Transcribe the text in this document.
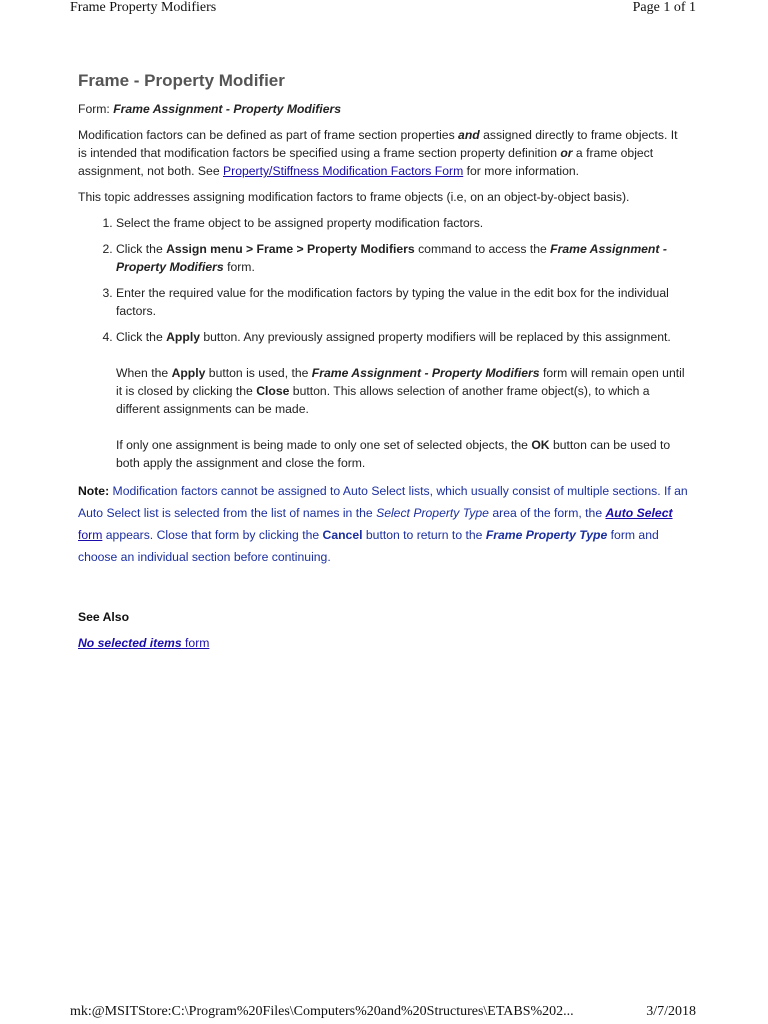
Frame Property Modifiers	Page 1 of 1
Frame - Property Modifier

Form: Frame Assignment - Property Modifiers

Modification factors can be defined as part of frame section properties and assigned directly to frame objects. It is intended that modification factors be specified using a frame section property definition or a frame object assignment, not both. See Property/Stiffness Modification Factors Form for more information.

This topic addresses assigning modification factors to frame objects (i.e, on an object-by-object basis).

1. Select the frame object to be assigned property modification factors.
2. Click the Assign menu > Frame > Property Modifiers command to access the Frame Assignment - Property Modifiers form.
3. Enter the required value for the modification factors by typing the value in the edit box for the individual factors.
4. Click the Apply button. Any previously assigned property modifiers will be replaced by this assignment.
When the Apply button is used, the Frame Assignment - Property Modifiers form will remain open until it is closed by clicking the Close button. This allows selection of another frame object(s), to which a different assignments can be made.
If only one assignment is being made to only one set of selected objects, the OK button can be used to both apply the assignment and close the form.

Note: Modification factors cannot be assigned to Auto Select lists, which usually consist of multiple sections. If an Auto Select list is selected from the list of names in the Select Property Type area of the form, the Auto Select form appears. Close that form by clicking the Cancel button to return to the Frame Property Type form and choose an individual section before continuing.

See Also
No selected items form
mk:@MSITStore:C:\Program%20Files\Computers%20and%20Structures\ETABS%202...	3/7/2018
